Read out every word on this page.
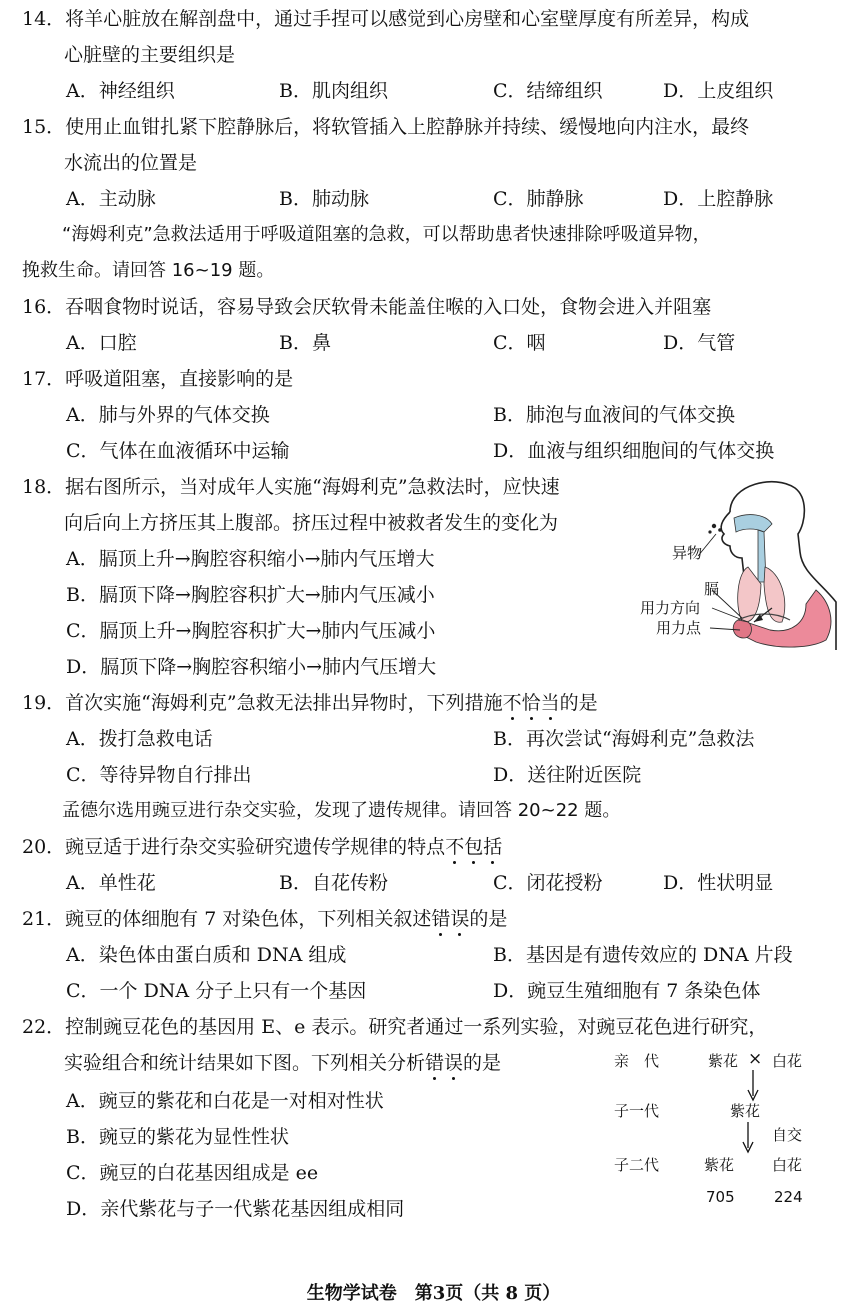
14．将羊心脏放在解剖盘中，通过手捏可以感觉到心房壁和心室壁厚度有所差异，构成
心脏壁的主要组织是
A．神经组织	B．肌肉组织	C．结缔组织	D．上皮组织
15．使用止血钳扎紧下腔静脉后，将软管插入上腔静脉并持续、缓慢地向内注水，最终
水流出的位置是
A．主动脉	B．肺动脉	C．肺静脉	D．上腔静脉
“海姆利克”急救法适用于呼吸道阻塞的急救，可以帮助患者快速排除呼吸道异物，
挽救生命。请回答 16~19 题。
16．吞咽食物时说话，容易导致会厌软骨未能盖住喉的入口处，食物会进入并阻塞
A．口腔	B．鼻	C．咽	D．气管
17．呼吸道阻塞，直接影响的是
A．肺与外界的气体交换	B．肺泡与血液间的气体交换
C．气体在血液循环中运输	D．血液与组织细胞间的气体交换
18．据右图所示，当对成年人实施“海姆利克”急救法时，应快速
向后向上方挤压其上腹部。挤压过程中被救者发生的变化为
A．膈顶上升→胸腔容积缩小→肺内气压增大
B．膈顶下降→胸腔容积扩大→肺内气压减小
C．膈顶上升→胸腔容积扩大→肺内气压减小
D．膈顶下降→胸腔容积缩小→肺内气压增大
异物
膈
用力方向
用力点
19．首次实施“海姆利克”急救无法排出异物时，下列措施不恰当的是
A．拨打急救电话	B．再次尝试“海姆利克”急救法
C．等待异物自行排出	D．送往附近医院
孟德尔选用豌豆进行杂交实验，发现了遗传规律。请回答 20~22 题。
20．豌豆适于进行杂交实验研究遗传学规律的特点不包括
A．单性花	B．自花传粉	C．闭花授粉	D．性状明显
21．豌豆的体细胞有 7 对染色体，下列相关叙述错误的是
A．染色体由蛋白质和 DNA 组成	B．基因是有遗传效应的 DNA 片段
C．一个 DNA 分子上只有一个基因	D．豌豆生殖细胞有 7 条染色体
22．控制豌豆花色的基因用 E、e 表示。研究者通过一系列实验，对豌豆花色进行研究，
实验组合和统计结果如下图。下列相关分析错误的是
A．豌豆的紫花和白花是一对相对性状
B．豌豆的紫花为显性性状
C．豌豆的白花基因组成是 ee
D．亲代紫花与子一代紫花基因组成相同
亲　代	紫花 × 白花
子一代	紫花
自交
子二代	紫花	白花
705	224
生物学试卷　第3页（共 8 页）
